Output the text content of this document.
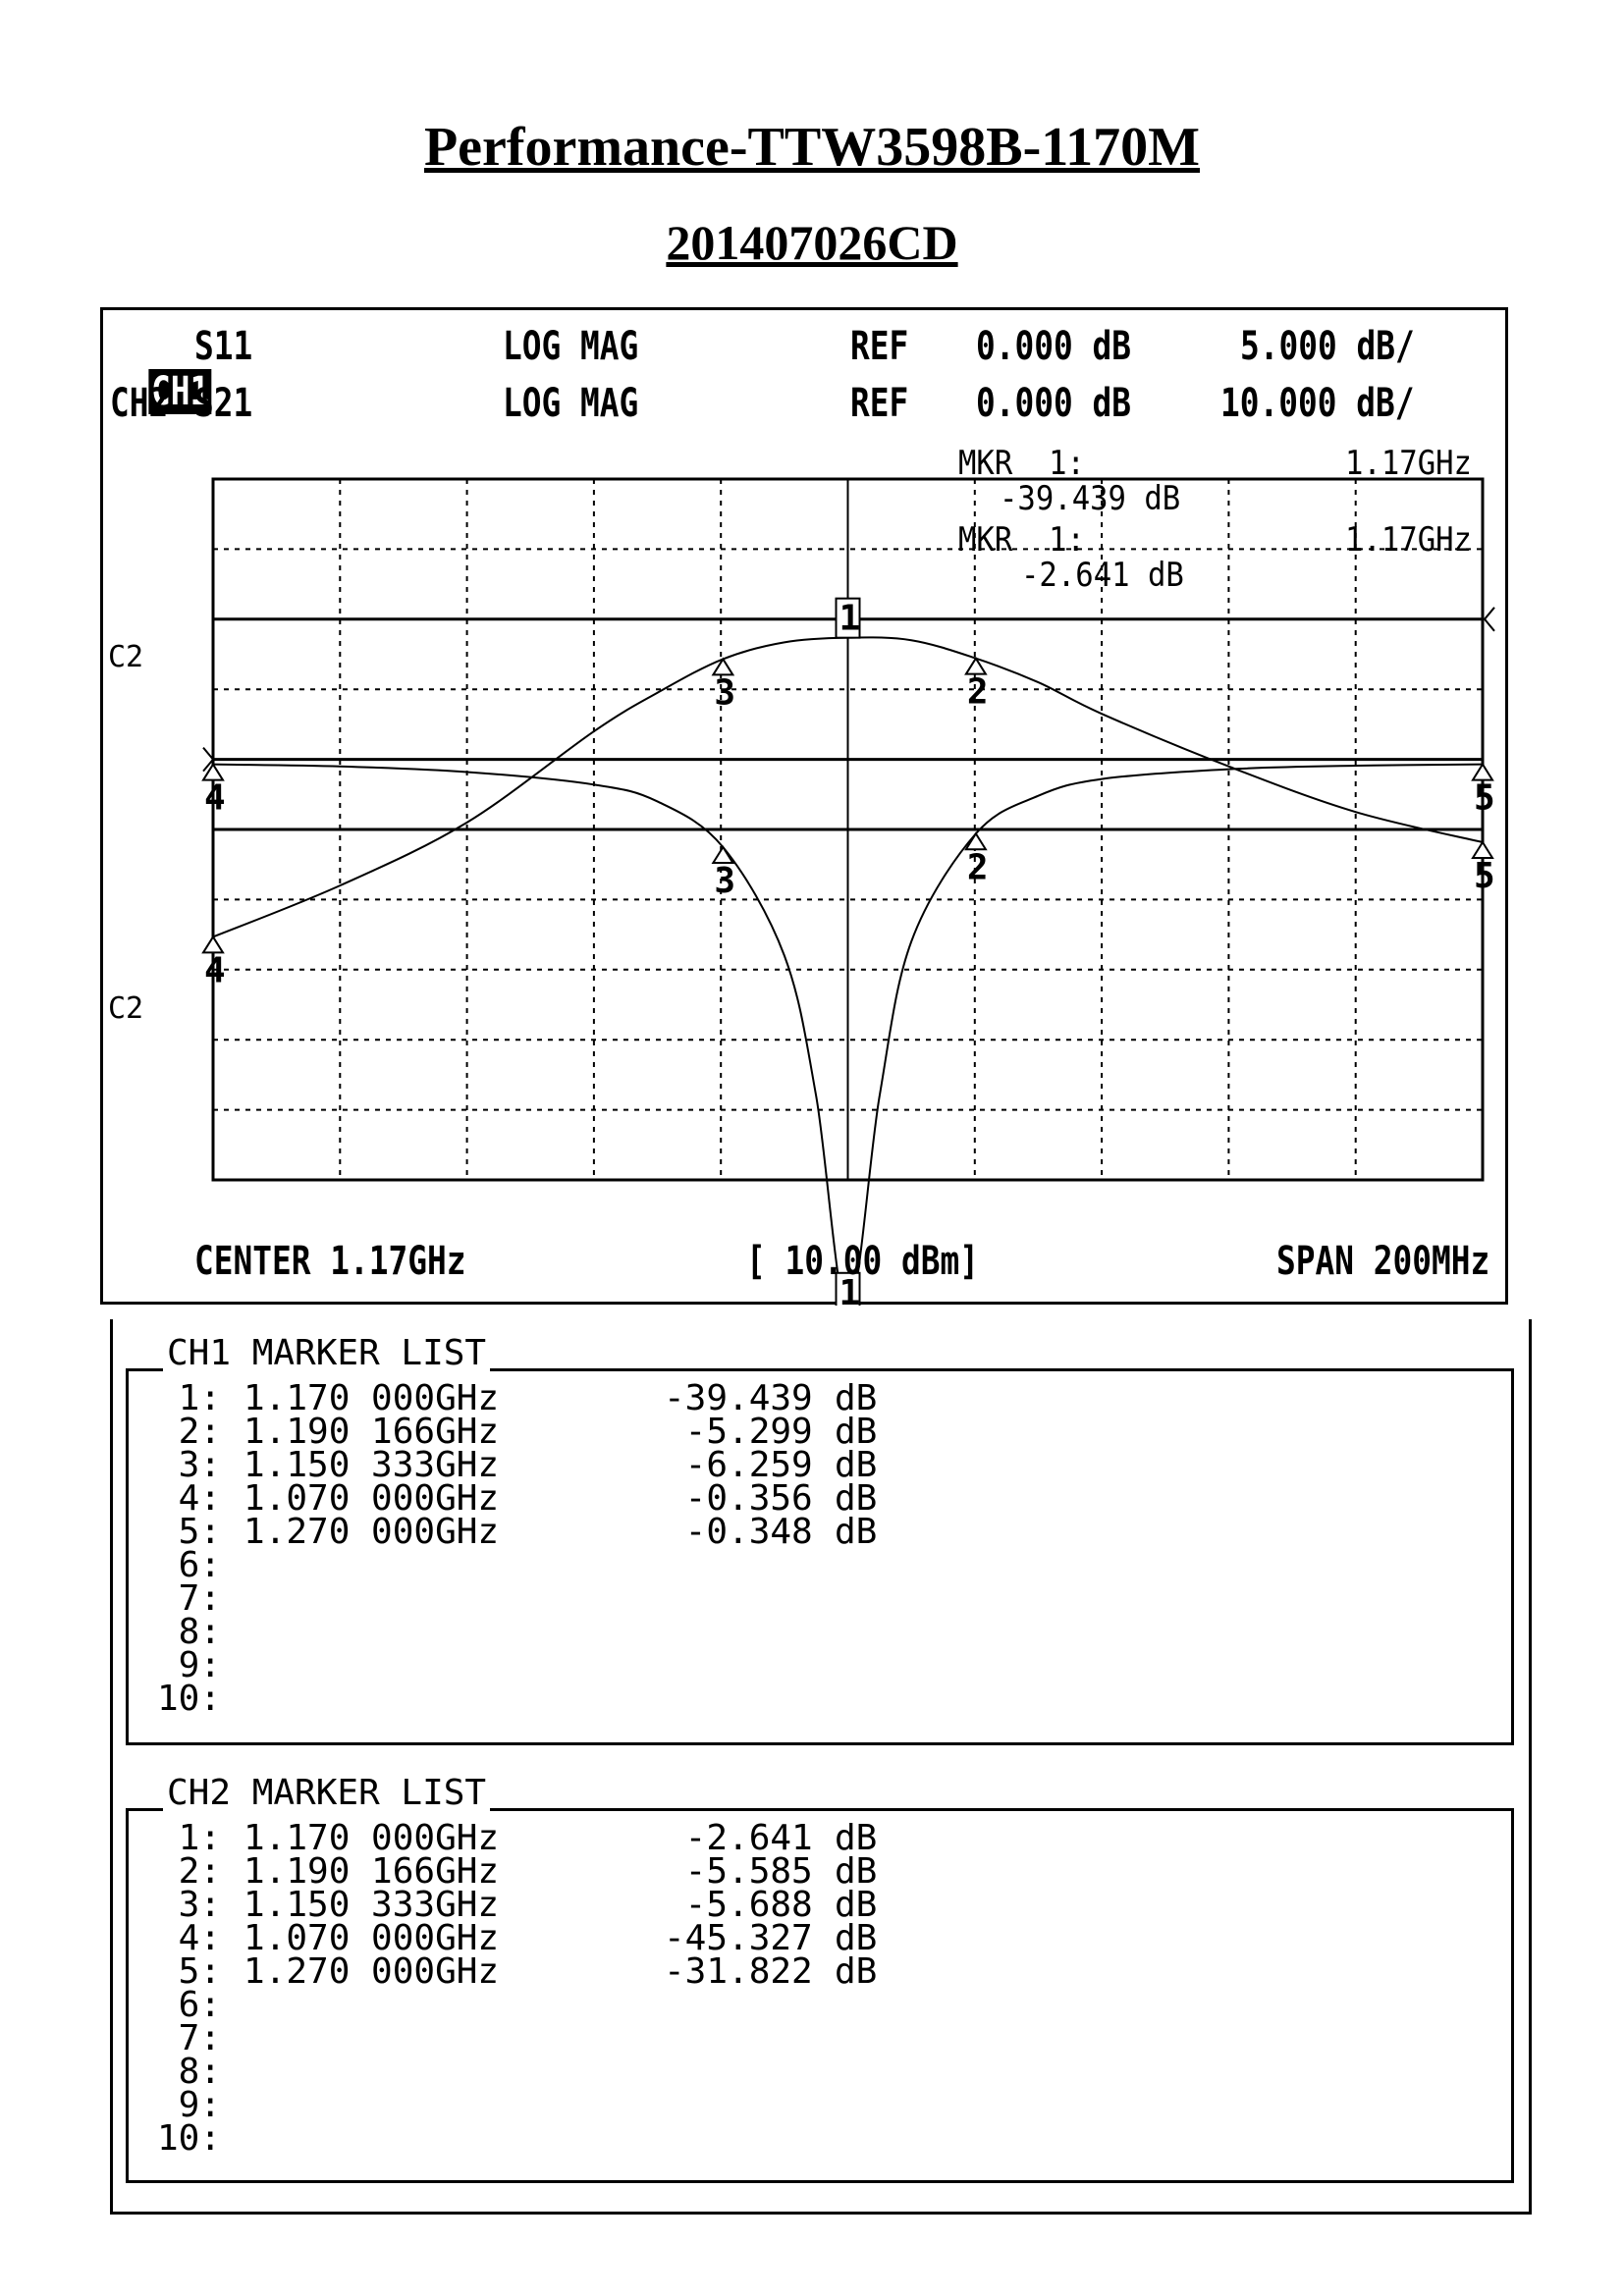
Performance-TTW3598B-1170M
201407026CD

CH1

S11	LOG MAG	REF 0.000 dB	5.000 dB/
CH2 S21	LOG MAG	REF 0.000 dB 10.000 dB/
1
2
3
4	5
1
2
3
4
5
MKR  1:	1.17GHz
-39.439 dB
MKR  1:	1.17GHz
-2.641 dB
C2
C2
CENTER 1.17GHz	[ 10.00 dBm]	SPAN 200MHz
CH1 MARKER LIST
1: 1.170 000GHz	-39.439 dB
2: 1.190 166GHz	-5.299 dB
3: 1.150 333GHz	-6.259 dB
4: 1.070 000GHz	-0.356 dB
5: 1.270 000GHz	-0.348 dB
6:
7:
8:
9:
10:
CH2 MARKER LIST
1: 1.170 000GHz	-2.641 dB
2: 1.190 166GHz	-5.585 dB
3: 1.150 333GHz	-5.688 dB
4: 1.070 000GHz	-45.327 dB
5: 1.270 000GHz	-31.822 dB
6:
7:
8:
9:
10:
